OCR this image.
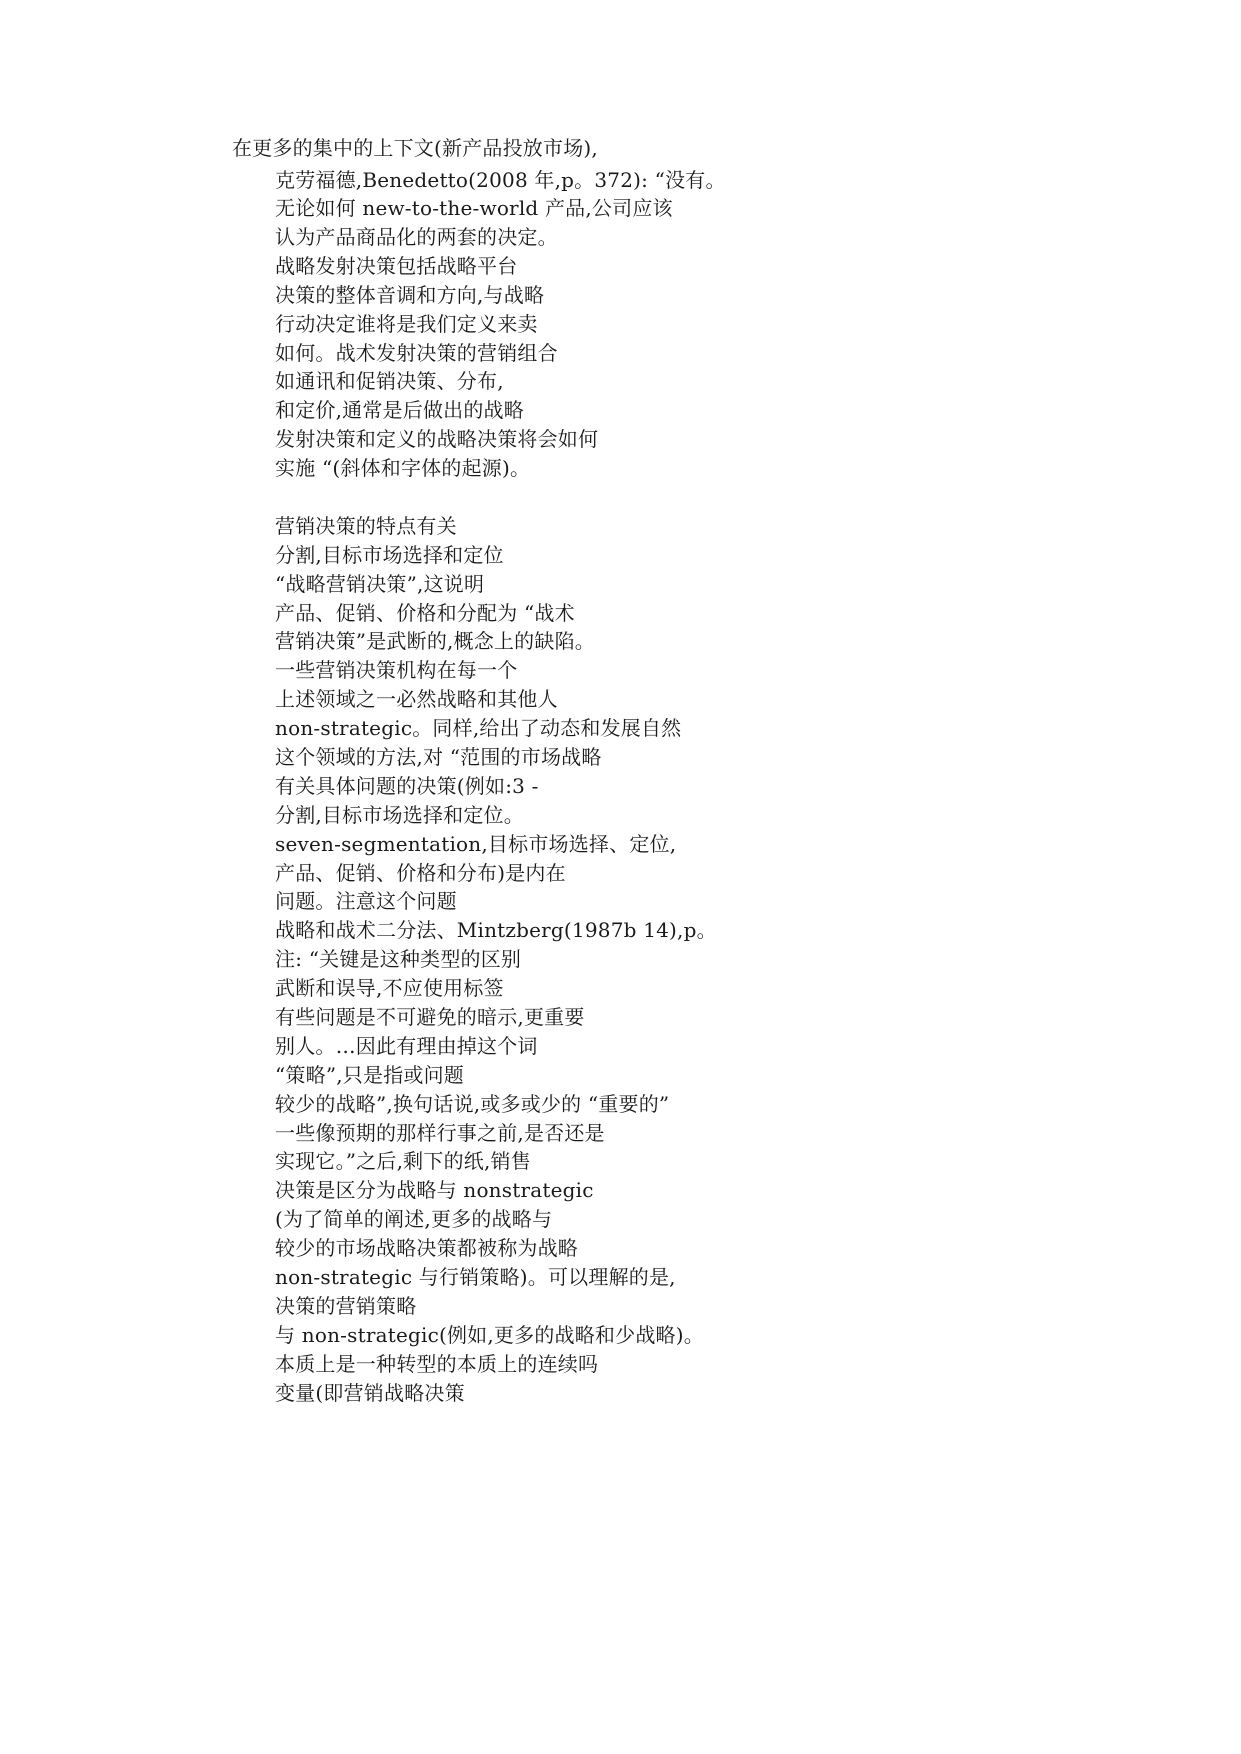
在更多的集中的上下文(新产品投放市场),
克劳福德,Benedetto(2008 年,p。372): “没有。
无论如何 new-to-the-world 产品,公司应该
认为产品商品化的两套的决定。
战略发射决策包括战略平台
决策的整体音调和方向,与战略
行动决定谁将是我们定义来卖
如何。战术发射决策的营销组合
如通讯和促销决策、分布,
和定价,通常是后做出的战略
发射决策和定义的战略决策将会如何
实施 “(斜体和字体的起源)。
营销决策的特点有关
分割,目标市场选择和定位
“战略营销决策”,这说明
产品、促销、价格和分配为 “战术
营销决策”是武断的,概念上的缺陷。
一些营销决策机构在每一个
上述领域之一必然战略和其他人
non-strategic。同样,给出了动态和发展自然
这个领域的方法,对 “范围的市场战略
有关具体问题的决策(例如:3 -
分割,目标市场选择和定位。
seven-segmentation,目标市场选择、定位,
产品、促销、价格和分布)是内在
问题。注意这个问题
战略和战术二分法、Mintzberg(1987b 14),p。
注: “关键是这种类型的区别
武断和误导,不应使用标签
有些问题是不可避免的暗示,更重要
别人。…因此有理由掉这个词
“策略”,只是指或问题
较少的战略”,换句话说,或多或少的 “重要的”
一些像预期的那样行事之前,是否还是
实现它。”之后,剩下的纸,销售
决策是区分为战略与 nonstrategic
(为了简单的阐述,更多的战略与
较少的市场战略决策都被称为战略
non-strategic 与行销策略)。可以理解的是,
决策的营销策略
与 non-strategic(例如,更多的战略和少战略)。
本质上是一种转型的本质上的连续吗
变量(即营销战略决策
